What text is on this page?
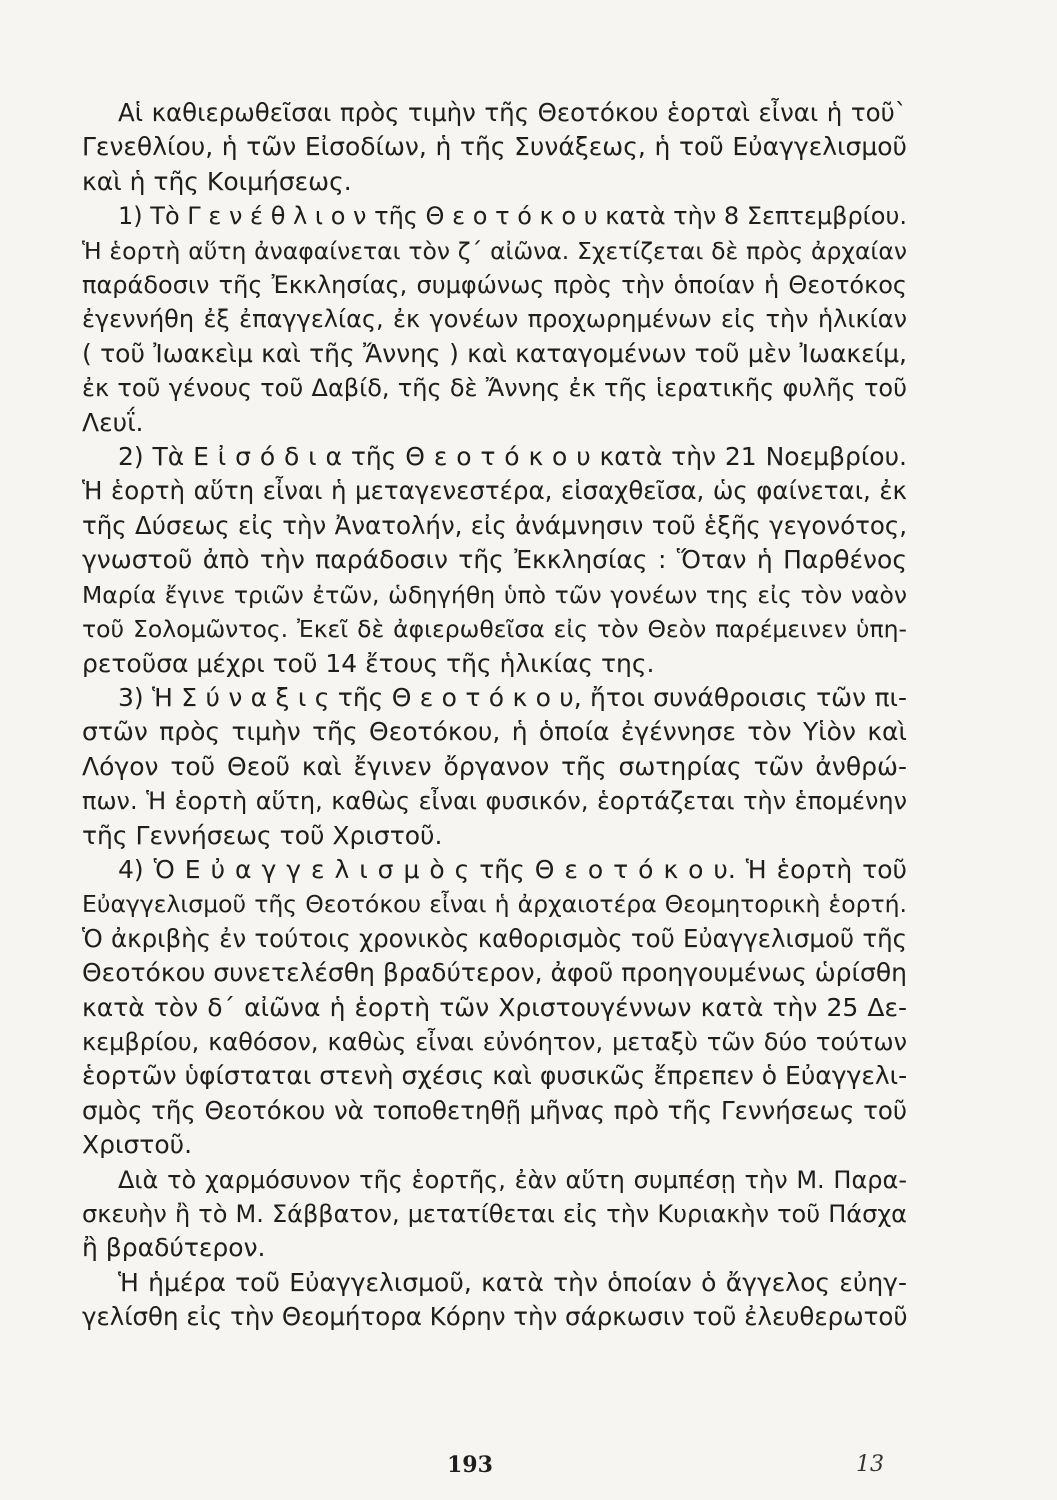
Αἱ καθιερωθεῖσαι πρὸς τιμὴν τῆς Θεοτόκου ἑορταὶ εἶναι ἡ τοῦ`
Γενεθλίου, ἡ τῶν Εἰσοδίων, ἡ τῆς Συνάξεως, ἡ τοῦ Εὐαγγελισμοῦ
καὶ ἡ τῆς Κοιμήσεως.
1) Τὸ Γ ε ν έ θ λ ι ο ν τῆς Θ ε ο τ ό κ ο υ κατὰ τὴν 8 Σεπτεμβρίου.
Ἡ ἑορτὴ αὕτη ἀναφαίνεται τὸν ζ΄ αἰῶνα. Σχετίζεται δὲ πρὸς ἀρχαίαν
παράδοσιν τῆς Ἐκκλησίας, συμφώνως πρὸς τὴν ὁποίαν ἡ Θεοτόκος
ἐγεννήθη ἐξ ἐπαγγελίας, ἐκ γονέων προχωρημένων εἰς τὴν ἡλικίαν
( τοῦ Ἰωακεὶμ καὶ τῆς Ἄννης ) καὶ καταγομένων τοῦ μὲν Ἰωακείμ,
ἐκ τοῦ γένους τοῦ Δαβίδ, τῆς δὲ Ἄννης ἐκ τῆς ἱερατικῆς φυλῆς τοῦ
Λευΐ.
2) Τὰ Ε ἰ σ ό δ ι α τῆς Θ ε ο τ ό κ ο υ κατὰ τὴν 21 Νοεμβρίου.
Ἡ ἑορτὴ αὕτη εἶναι ἡ μεταγενεστέρα, εἰσαχθεῖσα, ὡς φαίνεται, ἐκ
τῆς Δύσεως εἰς τὴν Ἀνατολήν, εἰς ἀνάμνησιν τοῦ ἑξῆς γεγονότος,
γνωστοῦ ἀπὸ τὴν παράδοσιν τῆς Ἐκκλησίας : Ὅταν ἡ Παρθένος
Μαρία ἔγινε τριῶν ἐτῶν, ὡδηγήθη ὑπὸ τῶν γονέων της εἰς τὸν ναὸν
τοῦ Σολομῶντος. Ἐκεῖ δὲ ἀφιερωθεῖσα εἰς τὸν Θεὸν παρέμεινεν ὑπη-
ρετοῦσα μέχρι τοῦ 14 ἔτους τῆς ἡλικίας της.
3) Ἡ Σ ύ ν α ξ ι ς τῆς Θ ε ο τ ό κ ο υ, ἤτοι συνάθροισις τῶν πι-
στῶν πρὸς τιμὴν τῆς Θεοτόκου, ἡ ὁποία ἐγέννησε τὸν Υἱὸν καὶ
Λόγον τοῦ Θεοῦ καὶ ἔγινεν ὄργανον τῆς σωτηρίας τῶν ἀνθρώ-
πων. Ἡ ἑορτὴ αὕτη, καθὼς εἶναι φυσικόν, ἑορτάζεται τὴν ἑπομένην
τῆς Γεννήσεως τοῦ Χριστοῦ.
4) Ὁ Ε ὐ α γ γ ε λ ι σ μ ὸ ς τῆς Θ ε ο τ ό κ ο υ. Ἡ ἑορτὴ τοῦ
Εὐαγγελισμοῦ τῆς Θεοτόκου εἶναι ἡ ἀρχαιοτέρα Θεομητορικὴ ἑορτή.
Ὁ ἀκριβὴς ἐν τούτοις χρονικὸς καθορισμὸς τοῦ Εὐαγγελισμοῦ τῆς
Θεοτόκου συνετελέσθη βραδύτερον, ἀφοῦ προηγουμένως ὡρίσθη
κατὰ τὸν δ΄ αἰῶνα ἡ ἑορτὴ τῶν Χριστουγέννων κατὰ τὴν 25 Δε-
κεμβρίου, καθόσον, καθὼς εἶναι εὐνόητον, μεταξὺ τῶν δύο τούτων
ἑορτῶν ὑφίσταται στενὴ σχέσις καὶ φυσικῶς ἔπρεπεν ὁ Εὐαγγελι-
σμὸς τῆς Θεοτόκου νὰ τοποθετηθῇ μῆνας πρὸ τῆς Γεννήσεως τοῦ
Χριστοῦ.
Διὰ τὸ χαρμόσυνον τῆς ἑορτῆς, ἐὰν αὕτη συμπέσῃ τὴν Μ. Παρα-
σκευὴν ἢ τὸ Μ. Σάββατον, μετατίθεται εἰς τὴν Κυριακὴν τοῦ Πάσχα
ἢ βραδύτερον.
Ἡ ἡμέρα τοῦ Εὐαγγελισμοῦ, κατὰ τὴν ὁποίαν ὁ ἄγγελος εὐηγ-
γελίσθη εἰς τὴν Θεομήτορα Κόρην τὴν σάρκωσιν τοῦ ἐλευθερωτοῦ
193	13
